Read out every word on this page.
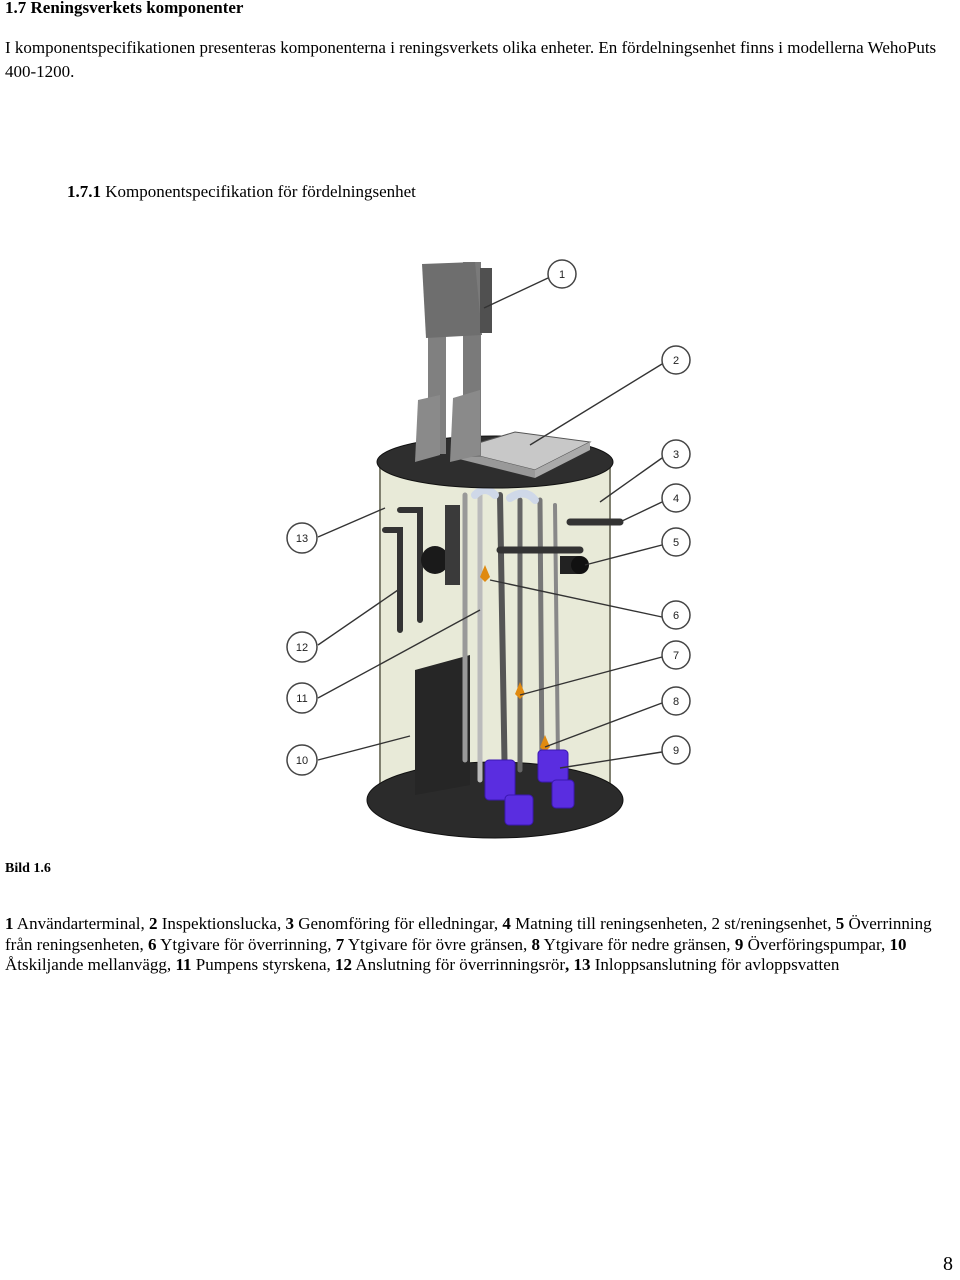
1.7 Reningsverkets komponenter

I komponentspecifikationen presenteras komponenterna i reningsverkets olika enheter. En fördelningsenhet finns i modellerna WehoPuts 400-1200.

1.7.1 Komponentspecifikation för fördelningsenhet
1
2
3
4
5
6
7
8
9
10
11
12
13

Bild 1.6

1 Användarterminal, 2 Inspektionslucka, 3 Genomföring för elledningar, 4 Matning till reningsenheten, 2 st/reningsenhet, 5 Överrinning från reningsenheten, 6 Ytgivare för överrinning, 7 Ytgivare för övre gränsen, 8 Ytgivare för nedre gränsen, 9 Överföringspumpar, 10 Åtskiljande mellanvägg, 11 Pumpens styrskena, 12 Anslutning för överrinningsrör, 13 Inloppsanslutning för avloppsvatten

8
